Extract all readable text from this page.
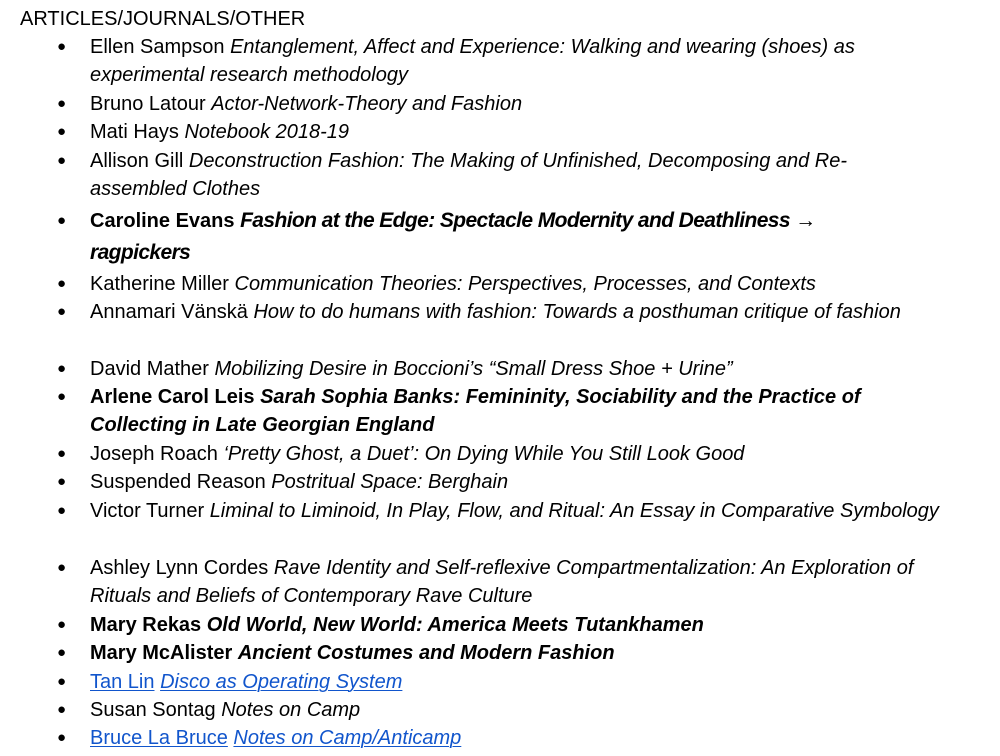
ARTICLES/JOURNALS/OTHER
● Ellen Sampson Entanglement, Affect and Experience: Walking and wearing (shoes) as experimental research methodology
● Bruno Latour Actor-Network-Theory and Fashion
● Mati Hays Notebook 2018-19
● Allison Gill Deconstruction Fashion: The Making of Unfinished, Decomposing and Re-assembled Clothes
● Caroline Evans Fashion at the Edge: Spectacle Modernity and Deathliness → ragpickers
● Katherine Miller Communication Theories: Perspectives, Processes, and Contexts
● Annamari Vänskä How to do humans with fashion: Towards a posthuman critique of fashion
● David Mather Mobilizing Desire in Boccioni’s “Small Dress Shoe + Urine”
● Arlene Carol Leis Sarah Sophia Banks: Femininity, Sociability and the Practice of Collecting in Late Georgian England
● Joseph Roach ‘Pretty Ghost, a Duet’: On Dying While You Still Look Good
● Suspended Reason Postritual Space: Berghain
● Victor Turner Liminal to Liminoid, In Play, Flow, and Ritual: An Essay in Comparative Symbology
● Ashley Lynn Cordes Rave Identity and Self-reflexive Compartmentalization: An Exploration of Rituals and Beliefs of Contemporary Rave Culture
● Mary Rekas Old World, New World: America Meets Tutankhamen
● Mary McAlister Ancient Costumes and Modern Fashion
● Tan Lin Disco as Operating System
● Susan Sontag Notes on Camp
● Bruce La Bruce Notes on Camp/Anticamp
